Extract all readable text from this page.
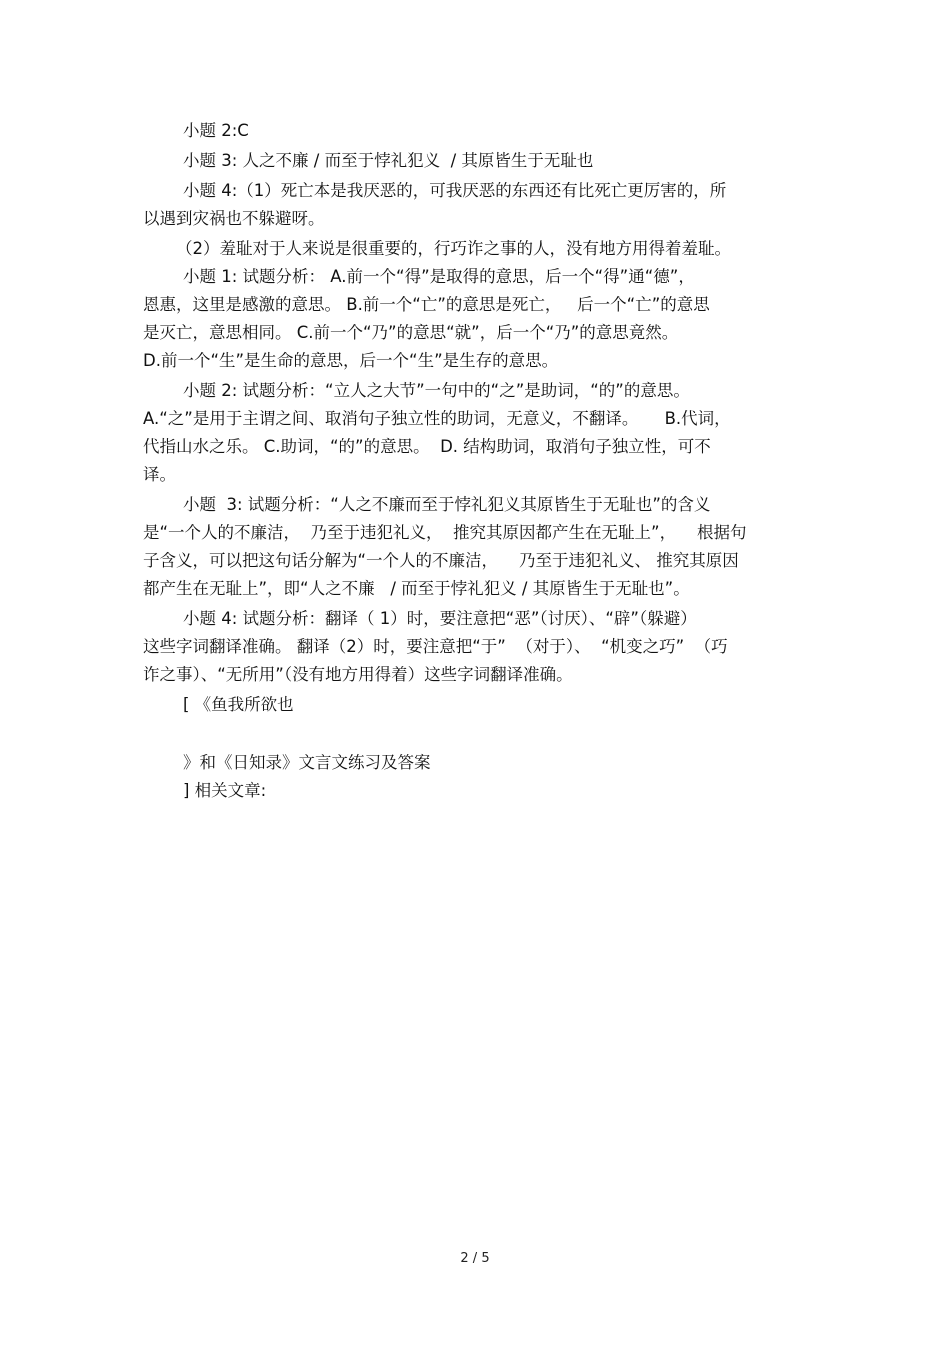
小题 2:C
小题 3: 人之不廉 / 而至于悖礼犯义  / 其原皆生于无耻也
小题 4:（1）死亡本是我厌恶的，可我厌恶的东西还有比死亡更厉害的，所
以遇到灾祸也不躲避呀。
（2）羞耻对于人来说是很重要的，行巧诈之事的人，没有地方用得着羞耻。
小题 1: 试题分析： A.前一个“得”是取得的意思，后一个“得”通“德”，
恩惠，这里是感激的意思。 B.前一个“亡”的意思是死亡，   后一个“亡”的意思
是灭亡，意思相同。 C.前一个“乃”的意思“就”，后一个“乃”的意思竟然。
D.前一个“生”是生命的意思，后一个“生”是生存的意思。
小题 2: 试题分析：“立人之大节”一句中的“之”是助词，“的”的意思。
A.“之”是用于主谓之间、取消句子独立性的助词，无意义，不翻译。     B.代词，
代指山水之乐。 C.助词，“的”的意思。  D. 结构助词，取消句子独立性，可不
译。
小题  3: 试题分析：“人之不廉而至于悖礼犯义其原皆生于无耻也”的含义
是“一个人的不廉洁，  乃至于违犯礼义，  推究其原因都产生在无耻上”，    根据句
子含义，可以把这句话分解为“一个人的不廉洁，    乃至于违犯礼义、 推究其原因
都产生在无耻上”，即“人之不廉   / 而至于悖礼犯义 / 其原皆生于无耻也”。
小题 4: 试题分析：翻译（ 1）时，要注意把“恶”（讨厌）、“辟”（躲避）
这些字词翻译准确。 翻译（2）时，要注意把“于”  （对于）、  “机变之巧”  （巧
诈之事）、“无所用”（没有地方用得着）这些字词翻译准确。
[ 《鱼我所欲也
》和《日知录》文言文练习及答案
] 相关文章:
2 / 5
